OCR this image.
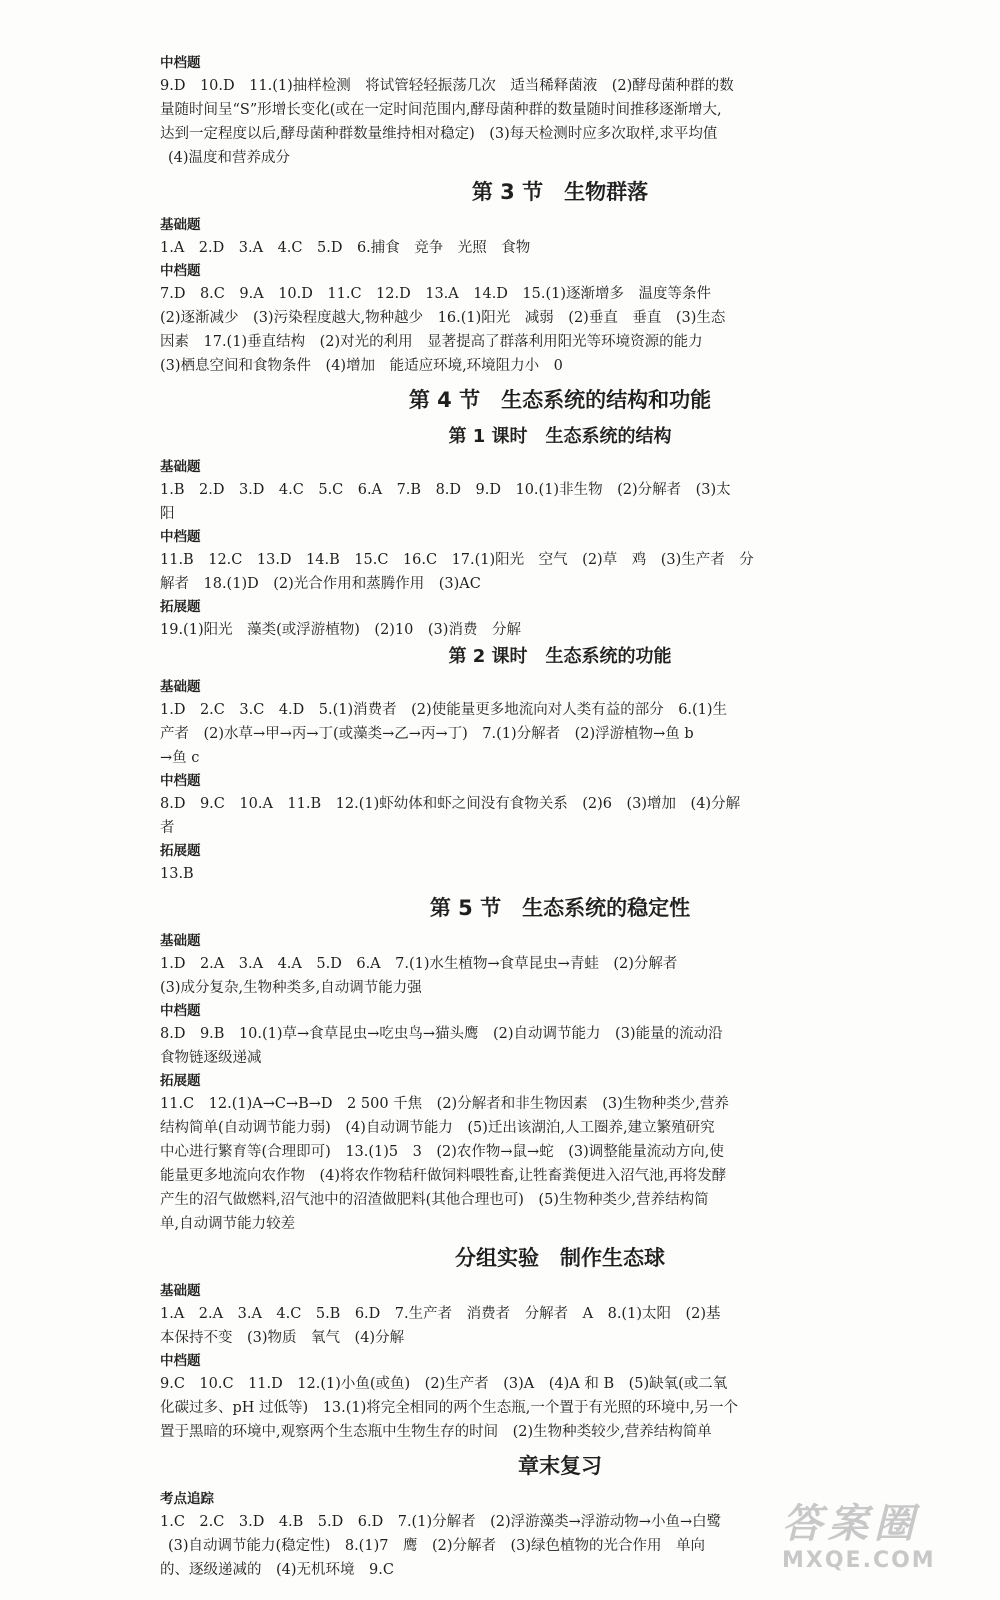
中档题
9.D　10.D　11.(1)抽样检测　将试管轻轻振荡几次　适当稀释菌液　(2)酵母菌种群的数
量随时间呈“S”形增长变化(或在一定时间范围内,酵母菌种群的数量随时间推移逐渐增大,
达到一定程度以后,酵母菌种群数量维持相对稳定)　(3)每天检测时应多次取样,求平均值
(4)温度和营养成分
第 3 节　生物群落
基础题
1.A　2.D　3.A　4.C　5.D　6.捕食　竞争　光照　食物
中档题
7.D　8.C　9.A　10.D　11.C　12.D　13.A　14.D　15.(1)逐渐增多　温度等条件
(2)逐渐减少　(3)污染程度越大,物种越少　16.(1)阳光　减弱　(2)垂直　垂直　(3)生态
因素　17.(1)垂直结构　(2)对光的利用　显著提高了群落利用阳光等环境资源的能力
(3)栖息空间和食物条件　(4)增加　能适应环境,环境阻力小　0
第 4 节　生态系统的结构和功能
第 1 课时　生态系统的结构
基础题
1.B　2.D　3.D　4.C　5.C　6.A　7.B　8.D　9.D　10.(1)非生物　(2)分解者　(3)太
阳
中档题
11.B　12.C　13.D　14.B　15.C　16.C　17.(1)阳光　空气　(2)草　鸡　(3)生产者　分
解者　18.(1)D　(2)光合作用和蒸腾作用　(3)AC
拓展题
19.(1)阳光　藻类(或浮游植物)　(2)10　(3)消费　分解
第 2 课时　生态系统的功能
基础题
1.D　2.C　3.C　4.D　5.(1)消费者　(2)使能量更多地流向对人类有益的部分　6.(1)生
产者　(2)水草→甲→丙→丁(或藻类→乙→丙→丁)　7.(1)分解者　(2)浮游植物→鱼 b
→鱼 c
中档题
8.D　9.C　10.A　11.B　12.(1)虾幼体和虾之间没有食物关系　(2)6　(3)增加　(4)分解
者
拓展题
13.B
第 5 节　生态系统的稳定性
基础题
1.D　2.A　3.A　4.A　5.D　6.A　7.(1)水生植物→食草昆虫→青蛙　(2)分解者
(3)成分复杂,生物种类多,自动调节能力强
中档题
8.D　9.B　10.(1)草→食草昆虫→吃虫鸟→猫头鹰　(2)自动调节能力　(3)能量的流动沿
食物链逐级递减
拓展题
11.C　12.(1)A→C→B→D　2 500 千焦　(2)分解者和非生物因素　(3)生物种类少,营养
结构简单(自动调节能力弱)　(4)自动调节能力　(5)迁出该湖泊,人工圈养,建立繁殖研究
中心进行繁育等(合理即可)　13.(1)5　3　(2)农作物→鼠→蛇　(3)调整能量流动方向,使
能量更多地流向农作物　(4)将农作物秸秆做饲料喂牲畜,让牲畜粪便进入沼气池,再将发酵
产生的沼气做燃料,沼气池中的沼渣做肥料(其他合理也可)　(5)生物种类少,营养结构简
单,自动调节能力较差
分组实验　制作生态球
基础题
1.A　2.A　3.A　4.C　5.B　6.D　7.生产者　消费者　分解者　A　8.(1)太阳　(2)基
本保持不变　(3)物质　氧气　(4)分解
中档题
9.C　10.C　11.D　12.(1)小鱼(或鱼)　(2)生产者　(3)A　(4)A 和 B　(5)缺氧(或二氧
化碳过多、pH 过低等)　13.(1)将完全相同的两个生态瓶,一个置于有光照的环境中,另一个
置于黑暗的环境中,观察两个生态瓶中生物生存的时间　(2)生物种类较少,营养结构简单
章末复习
考点追踪
1.C　2.C　3.D　4.B　5.D　6.D　7.(1)分解者　(2)浮游藻类→浮游动物→小鱼→白鹭
(3)自动调节能力(稳定性)　8.(1)7　鹰　(2)分解者　(3)绿色植物的光合作用　单向
的、逐级递减的　(4)无机环境　9.C
答案圈
MXQE.COM
